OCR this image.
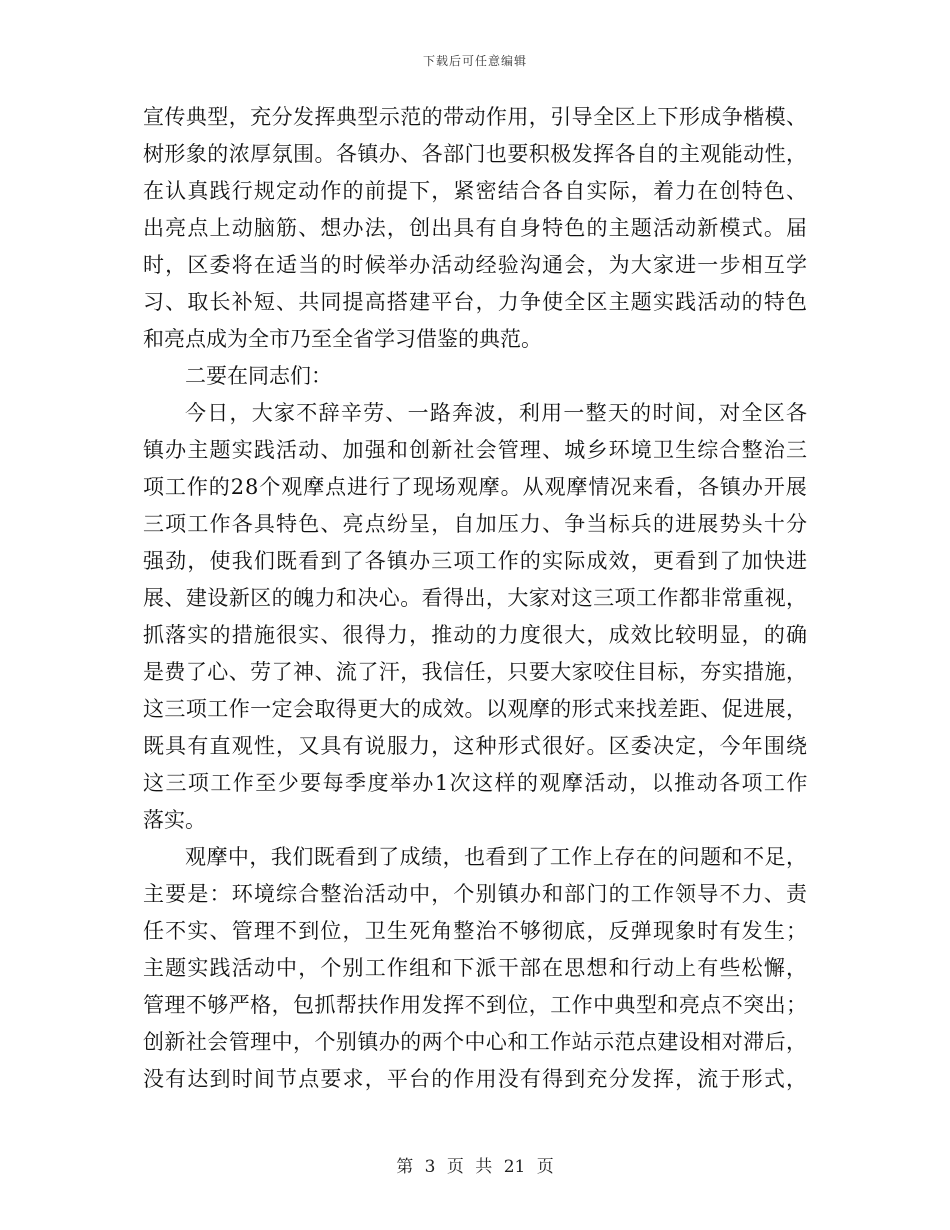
下载后可任意编辑
宣传典型，充分发挥典型示范的带动作用，引导全区上下形成争楷模、
树形象的浓厚氛围。各镇办、各部门也要积极发挥各自的主观能动性，
在认真践行规定动作的前提下，紧密结合各自实际，着力在创特色、
出亮点上动脑筋、想办法，创出具有自身特色的主题活动新模式。届
时，区委将在适当的时候举办活动经验沟通会，为大家进一步相互学
习、取长补短、共同提高搭建平台，力争使全区主题实践活动的特色
和亮点成为全市乃至全省学习借鉴的典范。
二要在同志们：
今日，大家不辞辛劳、一路奔波，利用一整天的时间，对全区各
镇办主题实践活动、加强和创新社会管理、城乡环境卫生综合整治三
项工作的28个观摩点进行了现场观摩。从观摩情况来看，各镇办开展
三项工作各具特色、亮点纷呈，自加压力、争当标兵的进展势头十分
强劲，使我们既看到了各镇办三项工作的实际成效，更看到了加快进
展、建设新区的魄力和决心。看得出，大家对这三项工作都非常重视，
抓落实的措施很实、很得力，推动的力度很大，成效比较明显，的确
是费了心、劳了神、流了汗，我信任，只要大家咬住目标，夯实措施，
这三项工作一定会取得更大的成效。以观摩的形式来找差距、促进展，
既具有直观性，又具有说服力，这种形式很好。区委决定，今年围绕
这三项工作至少要每季度举办1次这样的观摩活动，以推动各项工作
落实。
观摩中，我们既看到了成绩，也看到了工作上存在的问题和不足，
主要是：环境综合整治活动中，个别镇办和部门的工作领导不力、责
任不实、管理不到位，卫生死角整治不够彻底，反弹现象时有发生；
主题实践活动中，个别工作组和下派干部在思想和行动上有些松懈，
管理不够严格，包抓帮扶作用发挥不到位，工作中典型和亮点不突出；
创新社会管理中，个别镇办的两个中心和工作站示范点建设相对滞后，
没有达到时间节点要求，平台的作用没有得到充分发挥，流于形式，
第 3 页 共 21 页
